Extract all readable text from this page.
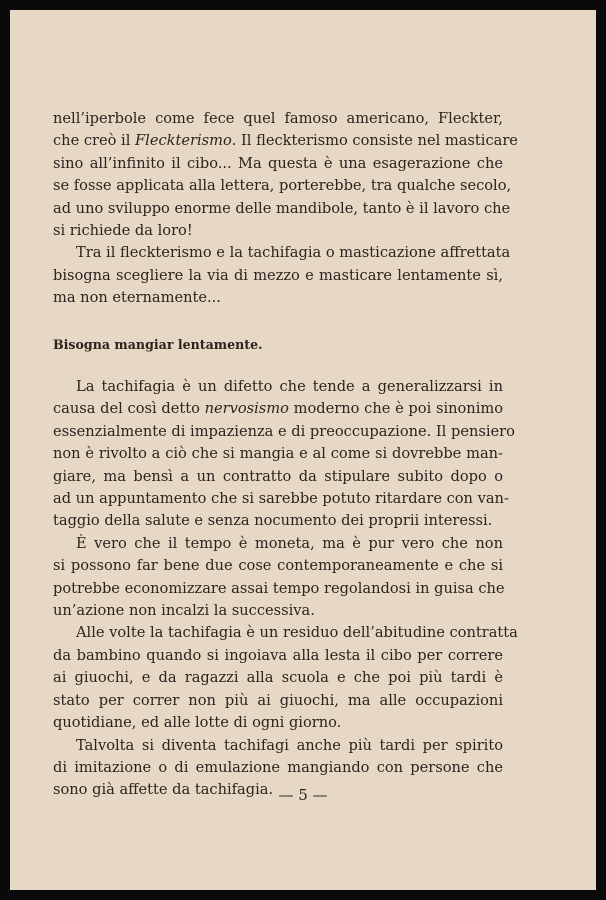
nell’iperbole come fece quel famoso americano, Fleckter,
che creò il Fleckterismo. Il fleckterismo consiste nel masticare
sino all’infinito il cibo... Ma questa è una esagerazione che
se fosse applicata alla lettera, porterebbe, tra qualche secolo,
ad uno sviluppo enorme delle mandibole, tanto è il lavoro che
si richiede da loro!

Tra il fleckterismo e la tachifagia o masticazione affrettata
bisogna scegliere la via di mezzo e masticare lentamente sì,
ma non eternamente...

Bisogna mangiar lentamente.

La tachifagia è un difetto che tende a generalizzarsi in
causa del così detto nervosismo moderno che è poi sinonimo
essenzialmente di impazienza e di preoccupazione. Il pensiero
non è rivolto a ciò che si mangia e al come si dovrebbe man-
giare, ma bensì a un contratto da stipulare subito dopo o
ad un appuntamento che si sarebbe potuto ritardare con van-
taggio della salute e senza nocumento dei proprii interessi.

È vero che il tempo è moneta, ma è pur vero che non
si possono far bene due cose contemporaneamente e che si
potrebbe economizzare assai tempo regolandosi in guisa che
un’azione non incalzi la successiva.

Alle volte la tachifagia è un residuo dell’abitudine contratta
da bambino quando si ingoiava alla lesta il cibo per correre
ai giuochi, e da ragazzi alla scuola e che poi più tardi è
stato per correr non più ai giuochi, ma alle occupazioni
quotidiane, ed alle lotte di ogni giorno.

Talvolta si diventa tachifagi anche più tardi per spirito
di imitazione o di emulazione mangiando con persone che
sono già affette da tachifagia. — 5 —
